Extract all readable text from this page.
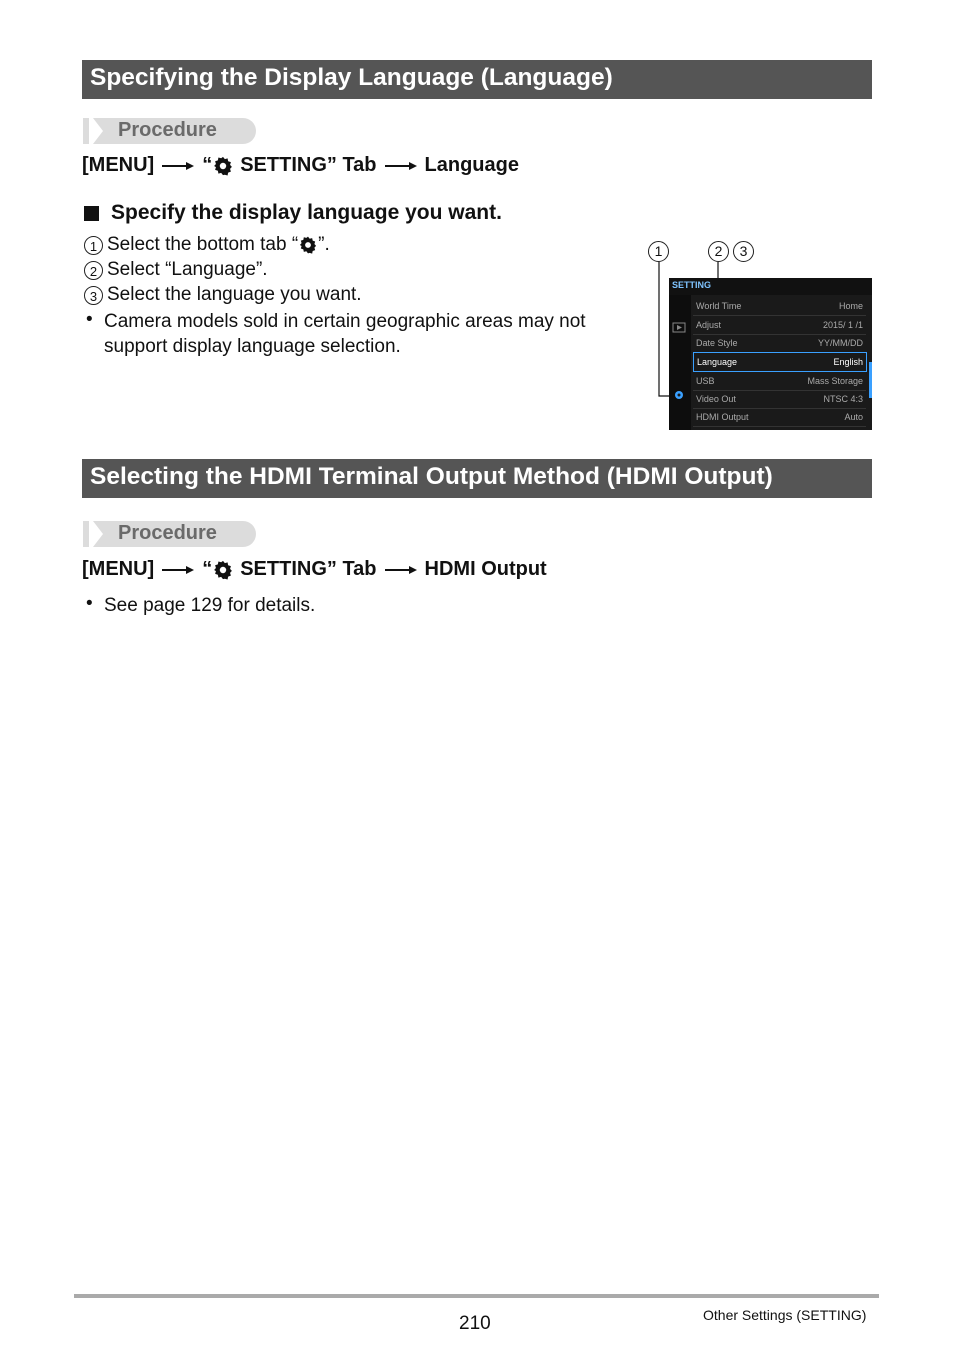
Specifying the Display Language (Language)
Procedure
[MENU] “ SETTING” Tab Language
Specify the display language you want.
1 Select the bottom tab “ ”.
2 Select “Language”.
3 Select the language you want.
• Camera models sold in certain geographic areas may not support display language selection.
1	2	3
SETTING
World Time	Home
Adjust	2015/ 1 /1
Date Style	YY/MM/DD
Language	English
USB	Mass Storage
Video Out	NTSC 4:3
HDMI Output	Auto
Selecting the HDMI Terminal Output Method (HDMI Output)
Procedure
[MENU] “ SETTING” Tab HDMI Output
• See page 129 for details.
210	Other Settings (SETTING)
